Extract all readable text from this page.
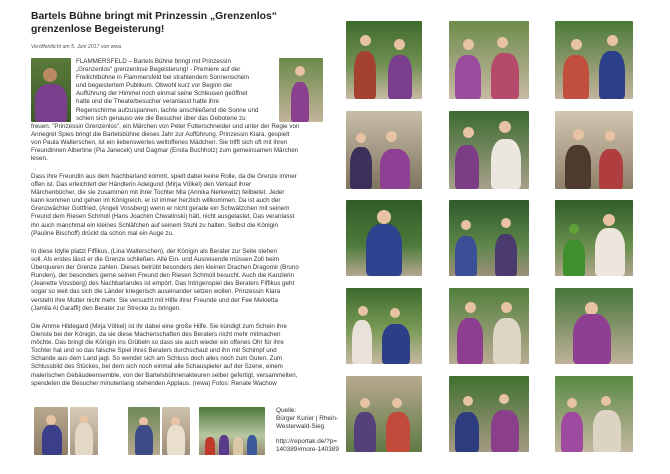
Bartels Bühne bringt mit Prinzessin „Grenzenlos“ grenzenlose Begeisterung!
Veröffentlicht am 5. Juni 2017 von wwa
FLAMMERSFELD – Bartels Bühne bringt mit Prinzessin
„Grenzenlos“ grenzenlose Begeisterung! - Premiere auf der
Freilichtbühne in Flammersfeld bei strahlendem Sonnenschein
und begeistertem Publikum. Obwohl kurz vor Beginn der
Aufführung der Himmel noch einmal seine Schleusen geöffnet
hatte und die Theaterbesucher veranlasst hatte ihre
Regenschirme aufzuspannen, lachte anschließend die Sonne und
schien sich genauso wie die Besucher über das Gebotene zu
freuen. "Prinzessin Grenzenlos", ein Märchen von Peter Futterschneider und unter der Regie von
Annegret Spies bringt die Bartelsbühne dieses Jahr zur Aufführung. Prinzessin Klara, gespielt
von Paula Walterschen, ist ein liebenswertes weltoffenes Mädchen. Sie trifft sich oft mit ihren
Freundinnen Albertine (Pia Janecek) und Dagmar (Enola Buchholz) zum gemeinsamen Märchen
lesen.
Dass ihre Freundin aus dem Nachbarland kommt, spielt dabei keine Rolle, da die Grenze immer
offen ist. Das erleichtert der Händlerin Adelgund (Mirja Völkel) den Verkauf ihrer
Märchenbücher, die sie zusammen mit ihrer Tochter Mia (Annika Nerkewitz) feilbietet. Jeder
kann kommen und gehen im Königreich, er ist immer herzlich willkommen. Da ist auch der
Grenzwächter Gottfried, (Angeli Vossberg) wenn er nicht gerade ein Schwätzchen mit seinem
Freund dem Riesen Schmoll (Hans Joachim Chwatinski) hält, nicht ausgelastet. Das veranlasst
ihn auch manchmal ein kleines Schläfchen auf seinem Stuhl zu halten. Selbst die Königin
(Pauline Bischoff) drückt da schon mal ein Auge zu.
In diese Idylle platzt Fiffikus, (Lina Walterschen), der Königin als Berater zur Seite stehen
soll. Als erstes lässt er die Grenze schließen. Alle Ein- und Ausreisende müssen Zoll beim
Überqueren der Grenze zahlen. Dieses betrübt besonders den kleinen Drachen Dragomir (Bruno
Runden), der besonders gerne seinen Freund den Riesen Schmoll besucht. Auch die Kanzlerin
(Jeanette Vossberg) des Nachbarlandes ist empört. Das Intrigenspiel des Beraters Fiffikus geht
sogar so weit das sich die Länder kriegerisch auseinander setzen wollen. Prinzessin Klara
versteht ihre Mutter nicht mehr. Sie versucht mit Hilfe ihrer Freunde und der Fee Meloetta
(Jamila Al Garaffi) den Berater zur Strecke zu bringen.
Die Amme Hildegard (Mirja Völkel) ist ihr dabei eine große Hilfe. Sie kündigt zum Schein ihre
Dienste bei der Königin, da sie diese Machenschaften des Beraters nicht mehr mitmachen
möchte. Das bringt die Königin ins Grübeln so dass sie auch wieder ein offenes Ohr für ihre
Tochter hat und so das falsche Spiel ihres Beraters durchschaut und ihn mit Schimpf und
Schande aus dem Land jagt. So wendet sich am Schluss doch alles noch zum Guten. Zum
Schlussbild des Stückes, bei dem sich noch einmal alle Schauspieler auf der Szene, einem
malerischen Gebäudeensemble, von der Bartelsbühnenakteuren selber gefertigt, versammelten,
spendeten die Besucher minutenlang stehenden Applaus. (rewa) Fotos: Renate Wachow
Quelle:
Bürger Kurier | Rhein-
Westerwald-Sieg
http://reportak.de/?p=
140389#more-140389
